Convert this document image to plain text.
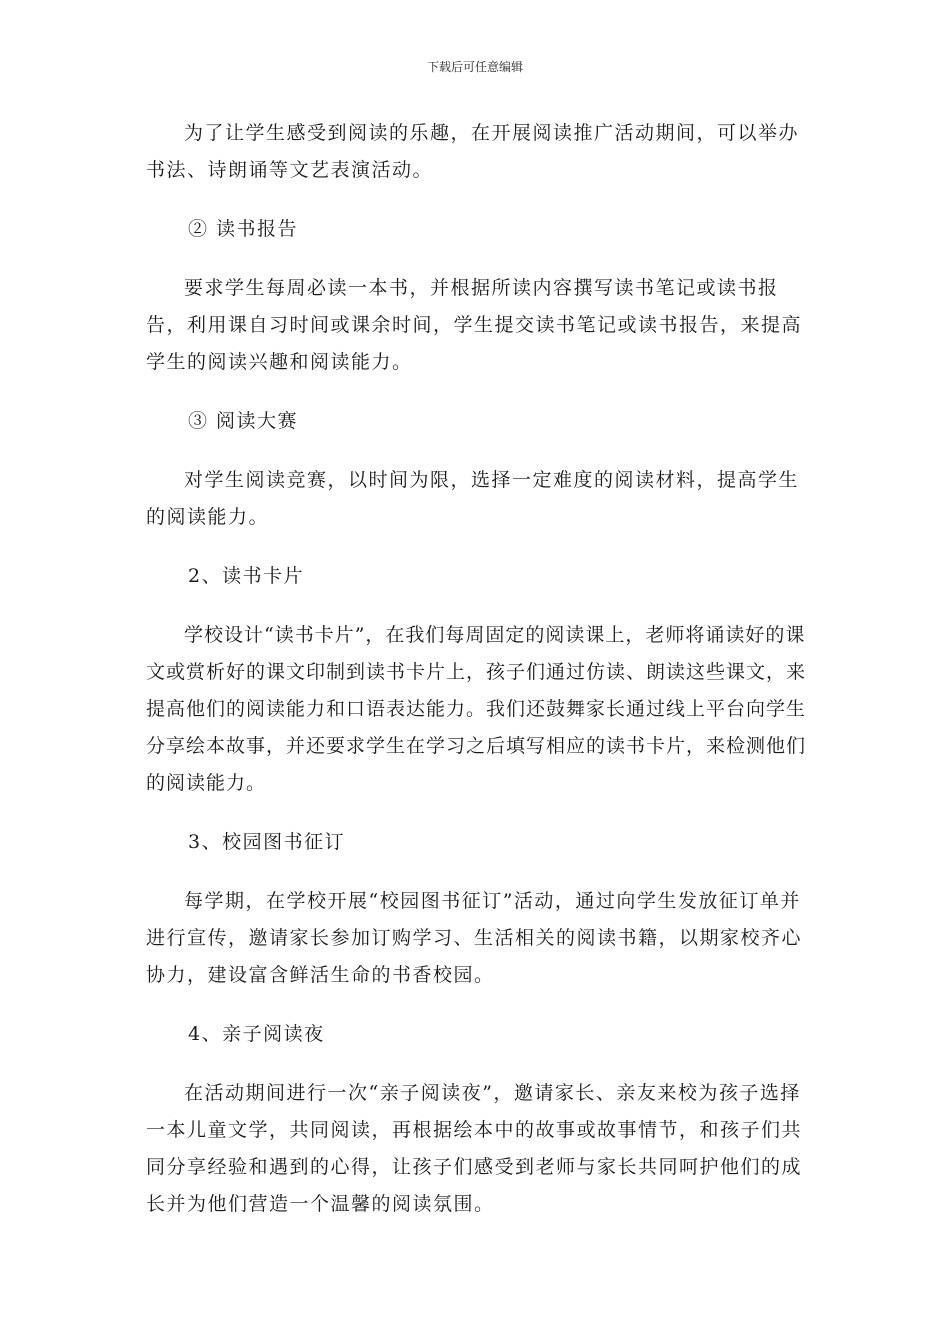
下载后可任意编辑

为了让学生感受到阅读的乐趣，在开展阅读推广活动期间，可以举办书法、诗朗诵等文艺表演活动。

② 读书报告

要求学生每周必读一本书，并根据所读内容撰写读书笔记或读书报告，利用课自习时间或课余时间，学生提交读书笔记或读书报告，来提高学生的阅读兴趣和阅读能力。

③ 阅读大赛

对学生阅读竞赛，以时间为限，选择一定难度的阅读材料，提高学生的阅读能力。

2、读书卡片

学校设计“读书卡片”，在我们每周固定的阅读课上，老师将诵读好的课文或赏析好的课文印制到读书卡片上，孩子们通过仿读、朗读这些课文，来提高他们的阅读能力和口语表达能力。我们还鼓舞家长通过线上平台向学生分享绘本故事，并还要求学生在学习之后填写相应的读书卡片，来检测他们的阅读能力。

3、校园图书征订

每学期，在学校开展“校园图书征订”活动，通过向学生发放征订单并进行宣传，邀请家长参加订购学习、生活相关的阅读书籍，以期家校齐心协力，建设富含鲜活生命的书香校园。

4、亲子阅读夜

在活动期间进行一次“亲子阅读夜”，邀请家长、亲友来校为孩子选择一本儿童文学，共同阅读，再根据绘本中的故事或故事情节，和孩子们共同分享经验和遇到的心得，让孩子们感受到老师与家长共同呵护他们的成长并为他们营造一个温馨的阅读氛围。
